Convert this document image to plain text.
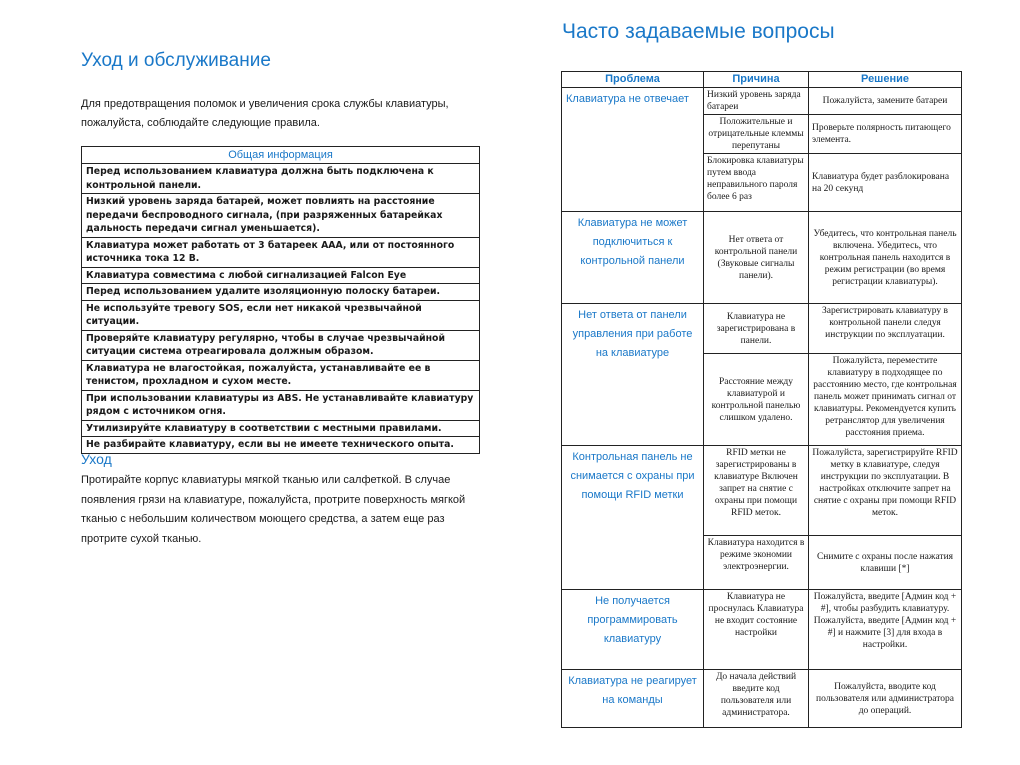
Уход и обслуживание
Для предотвращения поломок и увеличения срока службы клавиатуры, пожалуйста, соблюдайте следующие правила.
Общая информация
Перед использованием клавиатура должна быть подключена к контрольной панели.
Низкий уровень заряда батарей, может повлиять на расстояние передачи беспроводного сигнала, (при разряженных батарейках дальность передачи сигнал уменьшается).
Клавиатура может работать от 3 батареек AAA, или от постоянного источника тока 12 В.
Клавиатура совместима с любой сигнализацией Falcon Eye
Перед использованием удалите изоляционную полоску батареи.
Не используйте тревогу SOS, если нет никакой чрезвычайной ситуации.
Проверяйте клавиатуру регулярно, чтобы в случае чрезвычайной ситуации система отреагировала должным образом.
Клавиатура не влагостойкая, пожалуйста, устанавливайте ее в тенистом, прохладном и сухом месте.
При использовании клавиатуры из ABS. Не устанавливайте клавиатуру рядом с источником огня.
Утилизируйте клавиатуру в соответствии с местными правилами.
Не разбирайте клавиатуру, если вы не имеете технического опыта.
Уход
Протирайте корпус клавиатуры мягкой тканью или салфеткой. В случае появления грязи на клавиатуре, пожалуйста, протрите поверхность мягкой тканью с небольшим количеством моющего средства, а затем еще раз протрите сухой тканью.
Часто задаваемые вопросы
Проблема	Причина	Решение
Клавиатура не отвечает	Низкий уровень заряда батареи	Пожалуйста, замените батареи
	Положительные и отрицательные клеммы перепутаны	Проверьте полярность питающего элемента.
	Блокировка клавиатуры путем ввода неправильного пароля более 6 раз	Клавиатура будет разблокирована на 20 секунд
Клавиатура не может подключиться к контрольной панели	Нет ответа от контрольной панели (Звуковые сигналы панели).	Убедитесь, что контрольная панель включена. Убедитесь, что контрольная панель находится в режим регистрации (во время регистрации клавиатуры).
Нет ответа от панели управления при работе на клавиатуре	Клавиатура не зарегистрирована в панели.	Зарегистрировать клавиатуру в контрольной панели следуя инструкции по эксплуатации.
	Расстояние между клавиатурой и контрольной панелью слишком удалено.	Пожалуйста, переместите клавиатуру в подходящее по расстоянию место, где контрольная панель может принимать сигнал от клавиатуры. Рекомендуется купить ретранслятор для увеличения расстояния приема.
Контрольная панель не снимается с охраны при помощи RFID метки	RFID метки не зарегистрированы в клавиатуре Включен запрет на снятие с охраны при помощи RFID меток.	Пожалуйста, зарегистрируйте RFID метку в клавиатуре, следуя инструкции по эксплуатации. В настройках отключите запрет на снятие с охраны при помощи RFID меток.
	Клавиатура находится в режиме экономии электроэнергии.	Снимите с охраны после нажатия клавиши [*]
Не получается программировать клавиатуру	Клавиатура не проснулась Клавиатура не входит состояние настройки	Пожалуйста, введите [Админ код + #], чтобы разбудить клавиатуру. Пожалуйста, введите [Админ код + #] и нажмите [3] для входа в настройки.
Клавиатура не реагирует на команды	До начала действий введите код пользователя или администратора.	Пожалуйста, вводите код пользователя или администратора до операций.
